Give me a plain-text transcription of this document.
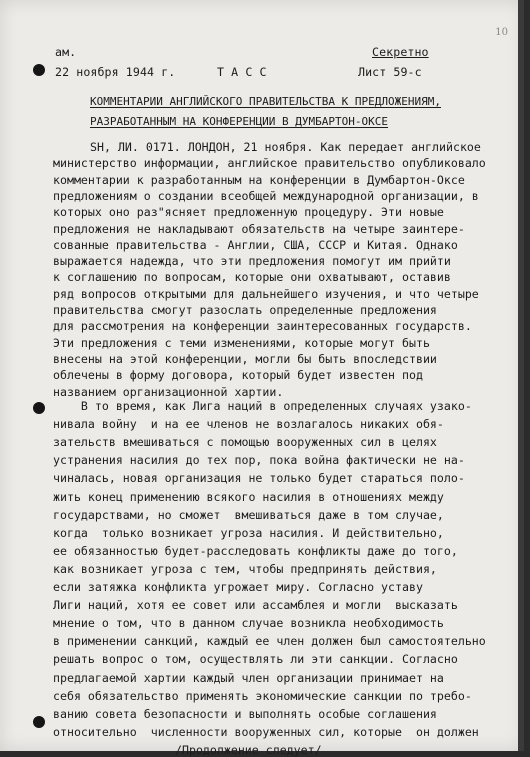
10
ам.	Секретно
22 ноября 1944 г.	Т А С С	Лист 59-с
КОММЕНТАРИИ АНГЛИЙСКОГО ПРАВИТЕЛЬСТВА К ПРЕДЛОЖЕНИЯМ,
РАЗРАБОТАННЫМ НА КОНФЕРЕНЦИИ В ДУМБАРТОН-ОКСЕ
SH, ЛИ. 0171. ЛОНДОН, 21 ноября. Как передает английское
министерство информации, английское правительство опубликовало
комментарии к разработанным на конференции в Думбартон-Оксе
предложениям о создании всеобщей международной организации, в
которых оно раз"ясняет предложенную процедуру. Эти новые
предложения не накладывают обязательств на четыре заинтере-
сованные правительства - Англии, США, СССР и Китая. Однако
выражается надежда, что эти предложения помогут им прийти
к соглашению по вопросам, которые они охватывают, оставив
ряд вопросов открытыми для дальнейшего изучения, и что четыре
правительства смогут разослать определенные предложения
для рассмотрения на конференции заинтересованных государств.
Эти предложения с теми изменениями, которые могут быть
внесены на этой конференции, могли бы быть впоследствии
облечены в форму договора, который будет известен под
названием организационной хартии.
В то время, как Лига наций в определенных случаях узако-
нивала войну  и на ее членов не возлагалось никаких обя-
зательств вмешиваться с помощью вооруженных сил в целях
устранения насилия до тех пор, пока война фактически не на-
чиналась, новая организация не только будет стараться поло-
жить конец применению всякого насилия в отношениях между
государствами, но сможет  вмешиваться даже в том случае,
когда  только возникает угроза насилия. И действительно,
ее обязанностью будет-расследовать конфликты даже до того,
как возникает угроза с тем, чтобы предпринять действия,
если затяжка конфликта угрожает миру. Согласно уставу
Лиги наций, хотя ее совет или ассамблея и могли  высказать
мнение о том, что в данном случае возникла необходимость
в применении санкций, каждый ее член должен был самостоятельно
решать вопрос о том, осуществлять ли эти санкции. Согласно
предлагаемой хартии каждый член организации принимает на
себя обязательство применять экономические санкции по требо-
ванию совета безопасности и выполнять особые соглашения
относительно  численности вооруженных сил, которые  он должен
/Продолжение следует/
